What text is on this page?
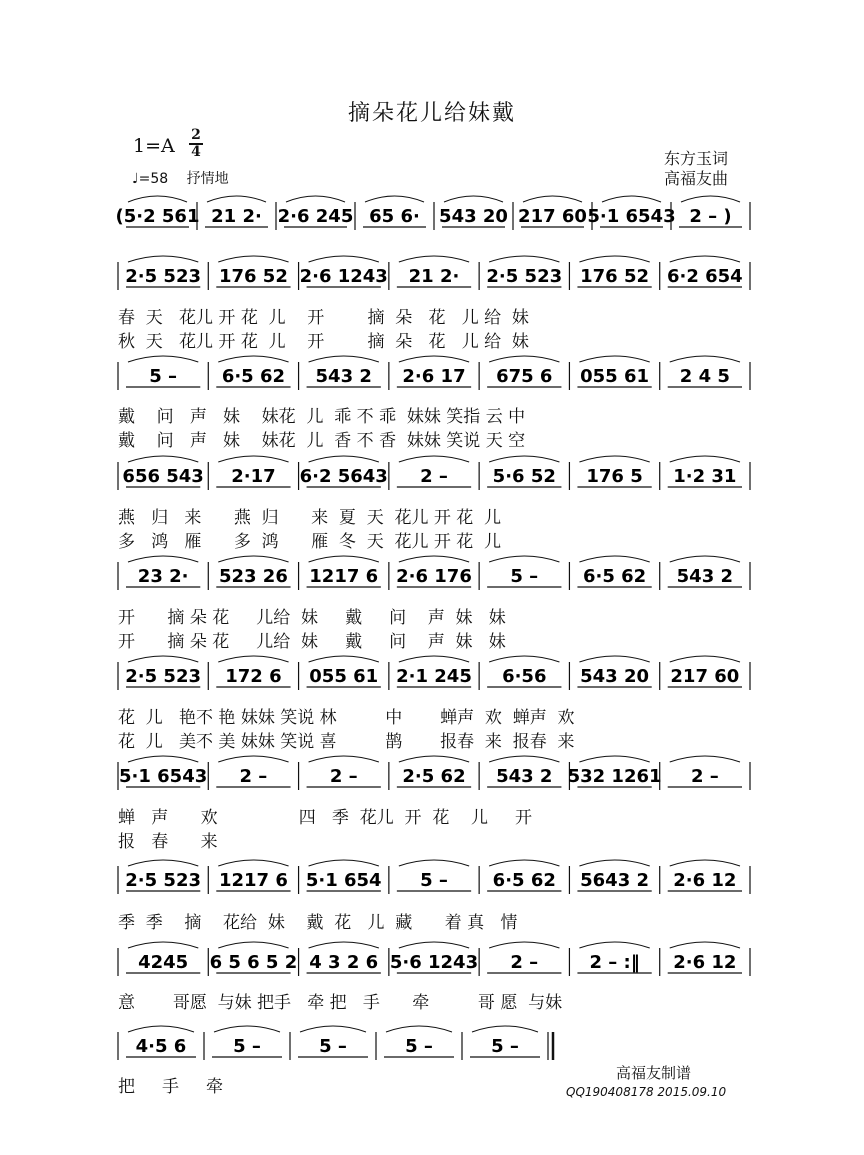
摘朵花儿给妹戴
1=A 2
4
♩=58 抒情地
东方玉词
高福友曲
(5·2 561 21 2· 2·6 245 65 6· 543 20 217 60 5·1 6543 2 – )
2·5 523 176 52 2·6 1243 21 2· 2·5 523 176 52 6·2 654
5 – 6·5 62 543 2 2·6 17 675 6 055 61 2 4 5
656 543 2·17 6·2 5643 2 – 5·6 52 176 5 1·2 31
23 2· 523 26 1217 6 2·6 176 5 – 6·5 62 543 2
2·5 523 172 6 055 61 2·1 245 6·56 543 20 217 60
5·1 6543 2 –	2 – 2·5 62 543 2 532 1261 2 –
2·5 523 1217 6 5·1 654 5 – 6·5 62 5643 2 2·6 12
4245 6 5 6 5 2 4 3 2 6 5·6 1243 2 –	2 – :‖ 2·6 12
4·5 6	5 –	5 –	5 –	5 –
春  天   花儿 开 花  儿    开        摘  朵   花   儿 给  妹
秋  天   花儿 开 花  儿    开        摘  朵   花   儿 给  妹
戴    问   声   妹    妹花  儿  乖 不 乖  妹妹 笑指 云 中
戴    问   声   妹    妹花  儿  香 不 香  妹妹 笑说 天 空
燕   归   来      燕  归      来  夏  天  花儿 开 花  儿
多   鸿   雁      多  鸿      雁  冬  天  花儿 开 花  儿
开      摘 朵 花     儿给  妹     戴     问    声  妹   妹
开      摘 朵 花     儿给  妹     戴     问    声  妹   妹
花  儿   艳不 艳 妹妹 笑说 林         中       蝉声  欢  蝉声  欢
花  儿   美不 美 妹妹 笑说 喜         鹊       报春  来  报春  来
蝉   声      欢               四   季  花儿  开  花    儿     开
报   春      来
季  季    摘    花给  妹    戴  花   儿  藏      着 真   情
意       哥愿  与妹 把手   牵 把   手      牵         哥 愿  与妹
把     手     牵
高福友制谱
QQ190408178 2015.09.10
